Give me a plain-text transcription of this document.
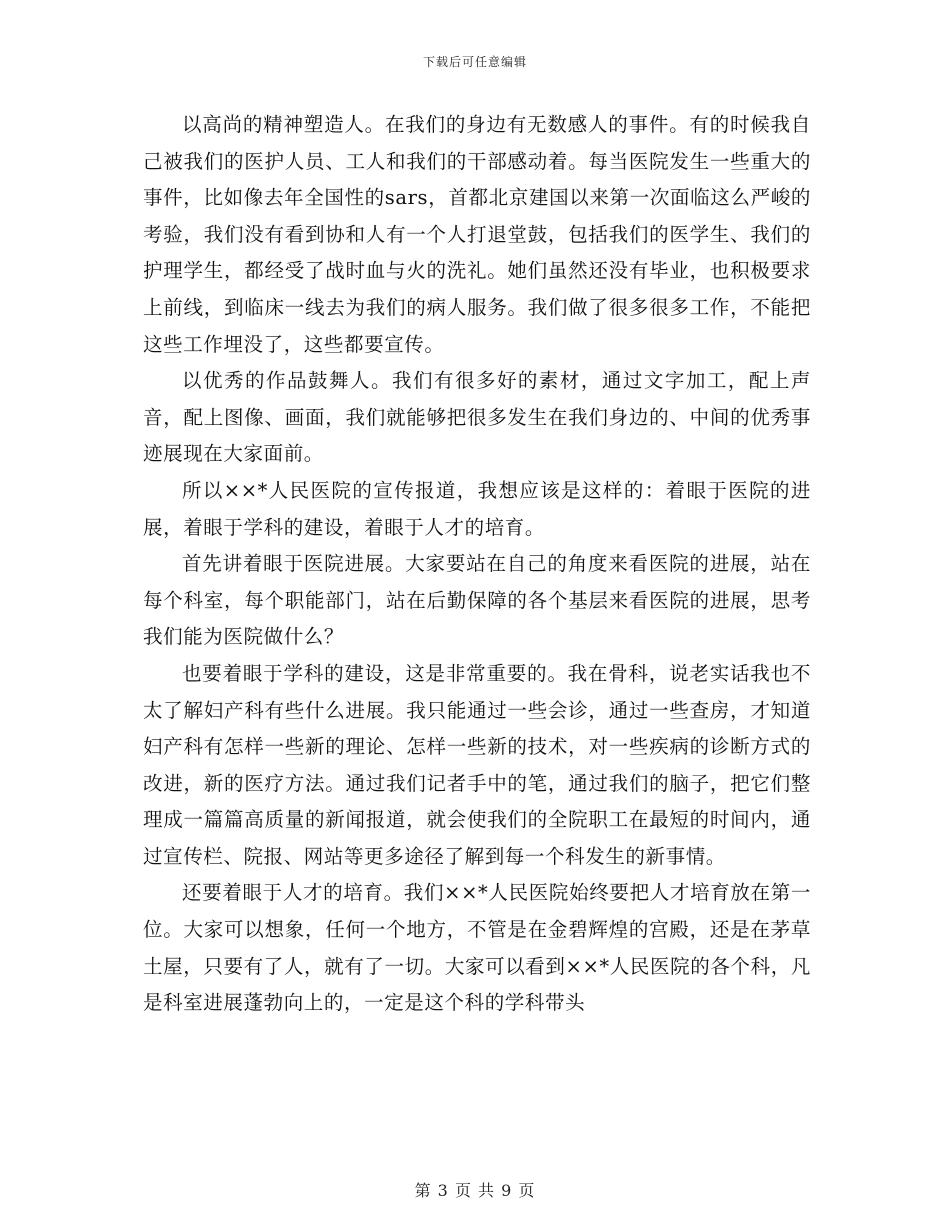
下载后可任意编辑

以高尚的精神塑造人。在我们的身边有无数感人的事件。有的时候我自己被我们的医护人员、工人和我们的干部感动着。每当医院发生一些重大的事件，比如像去年全国性的sars，首都北京建国以来第一次面临这么严峻的考验，我们没有看到协和人有一个人打退堂鼓，包括我们的医学生、我们的护理学生，都经受了战时血与火的洗礼。她们虽然还没有毕业，也积极要求上前线，到临床一线去为我们的病人服务。我们做了很多很多工作，不能把这些工作埋没了，这些都要宣传。

以优秀的作品鼓舞人。我们有很多好的素材，通过文字加工，配上声音，配上图像、画面，我们就能够把很多发生在我们身边的、中间的优秀事迹展现在大家面前。

所以××*人民医院的宣传报道，我想应该是这样的：着眼于医院的进展，着眼于学科的建设，着眼于人才的培育。

首先讲着眼于医院进展。大家要站在自己的角度来看医院的进展，站在每个科室，每个职能部门，站在后勤保障的各个基层来看医院的进展，思考我们能为医院做什么？

也要着眼于学科的建设，这是非常重要的。我在骨科，说老实话我也不太了解妇产科有些什么进展。我只能通过一些会诊，通过一些查房，才知道妇产科有怎样一些新的理论、怎样一些新的技术，对一些疾病的诊断方式的改进，新的医疗方法。通过我们记者手中的笔，通过我们的脑子，把它们整理成一篇篇高质量的新闻报道，就会使我们的全院职工在最短的时间内，通过宣传栏、院报、网站等更多途径了解到每一个科发生的新事情。

还要着眼于人才的培育。我们××*人民医院始终要把人才培育放在第一位。大家可以想象，任何一个地方，不管是在金碧辉煌的宫殿，还是在茅草土屋，只要有了人，就有了一切。大家可以看到××*人民医院的各个科，凡是科室进展蓬勃向上的，一定是这个科的学科带头

第 3 页 共 9 页
